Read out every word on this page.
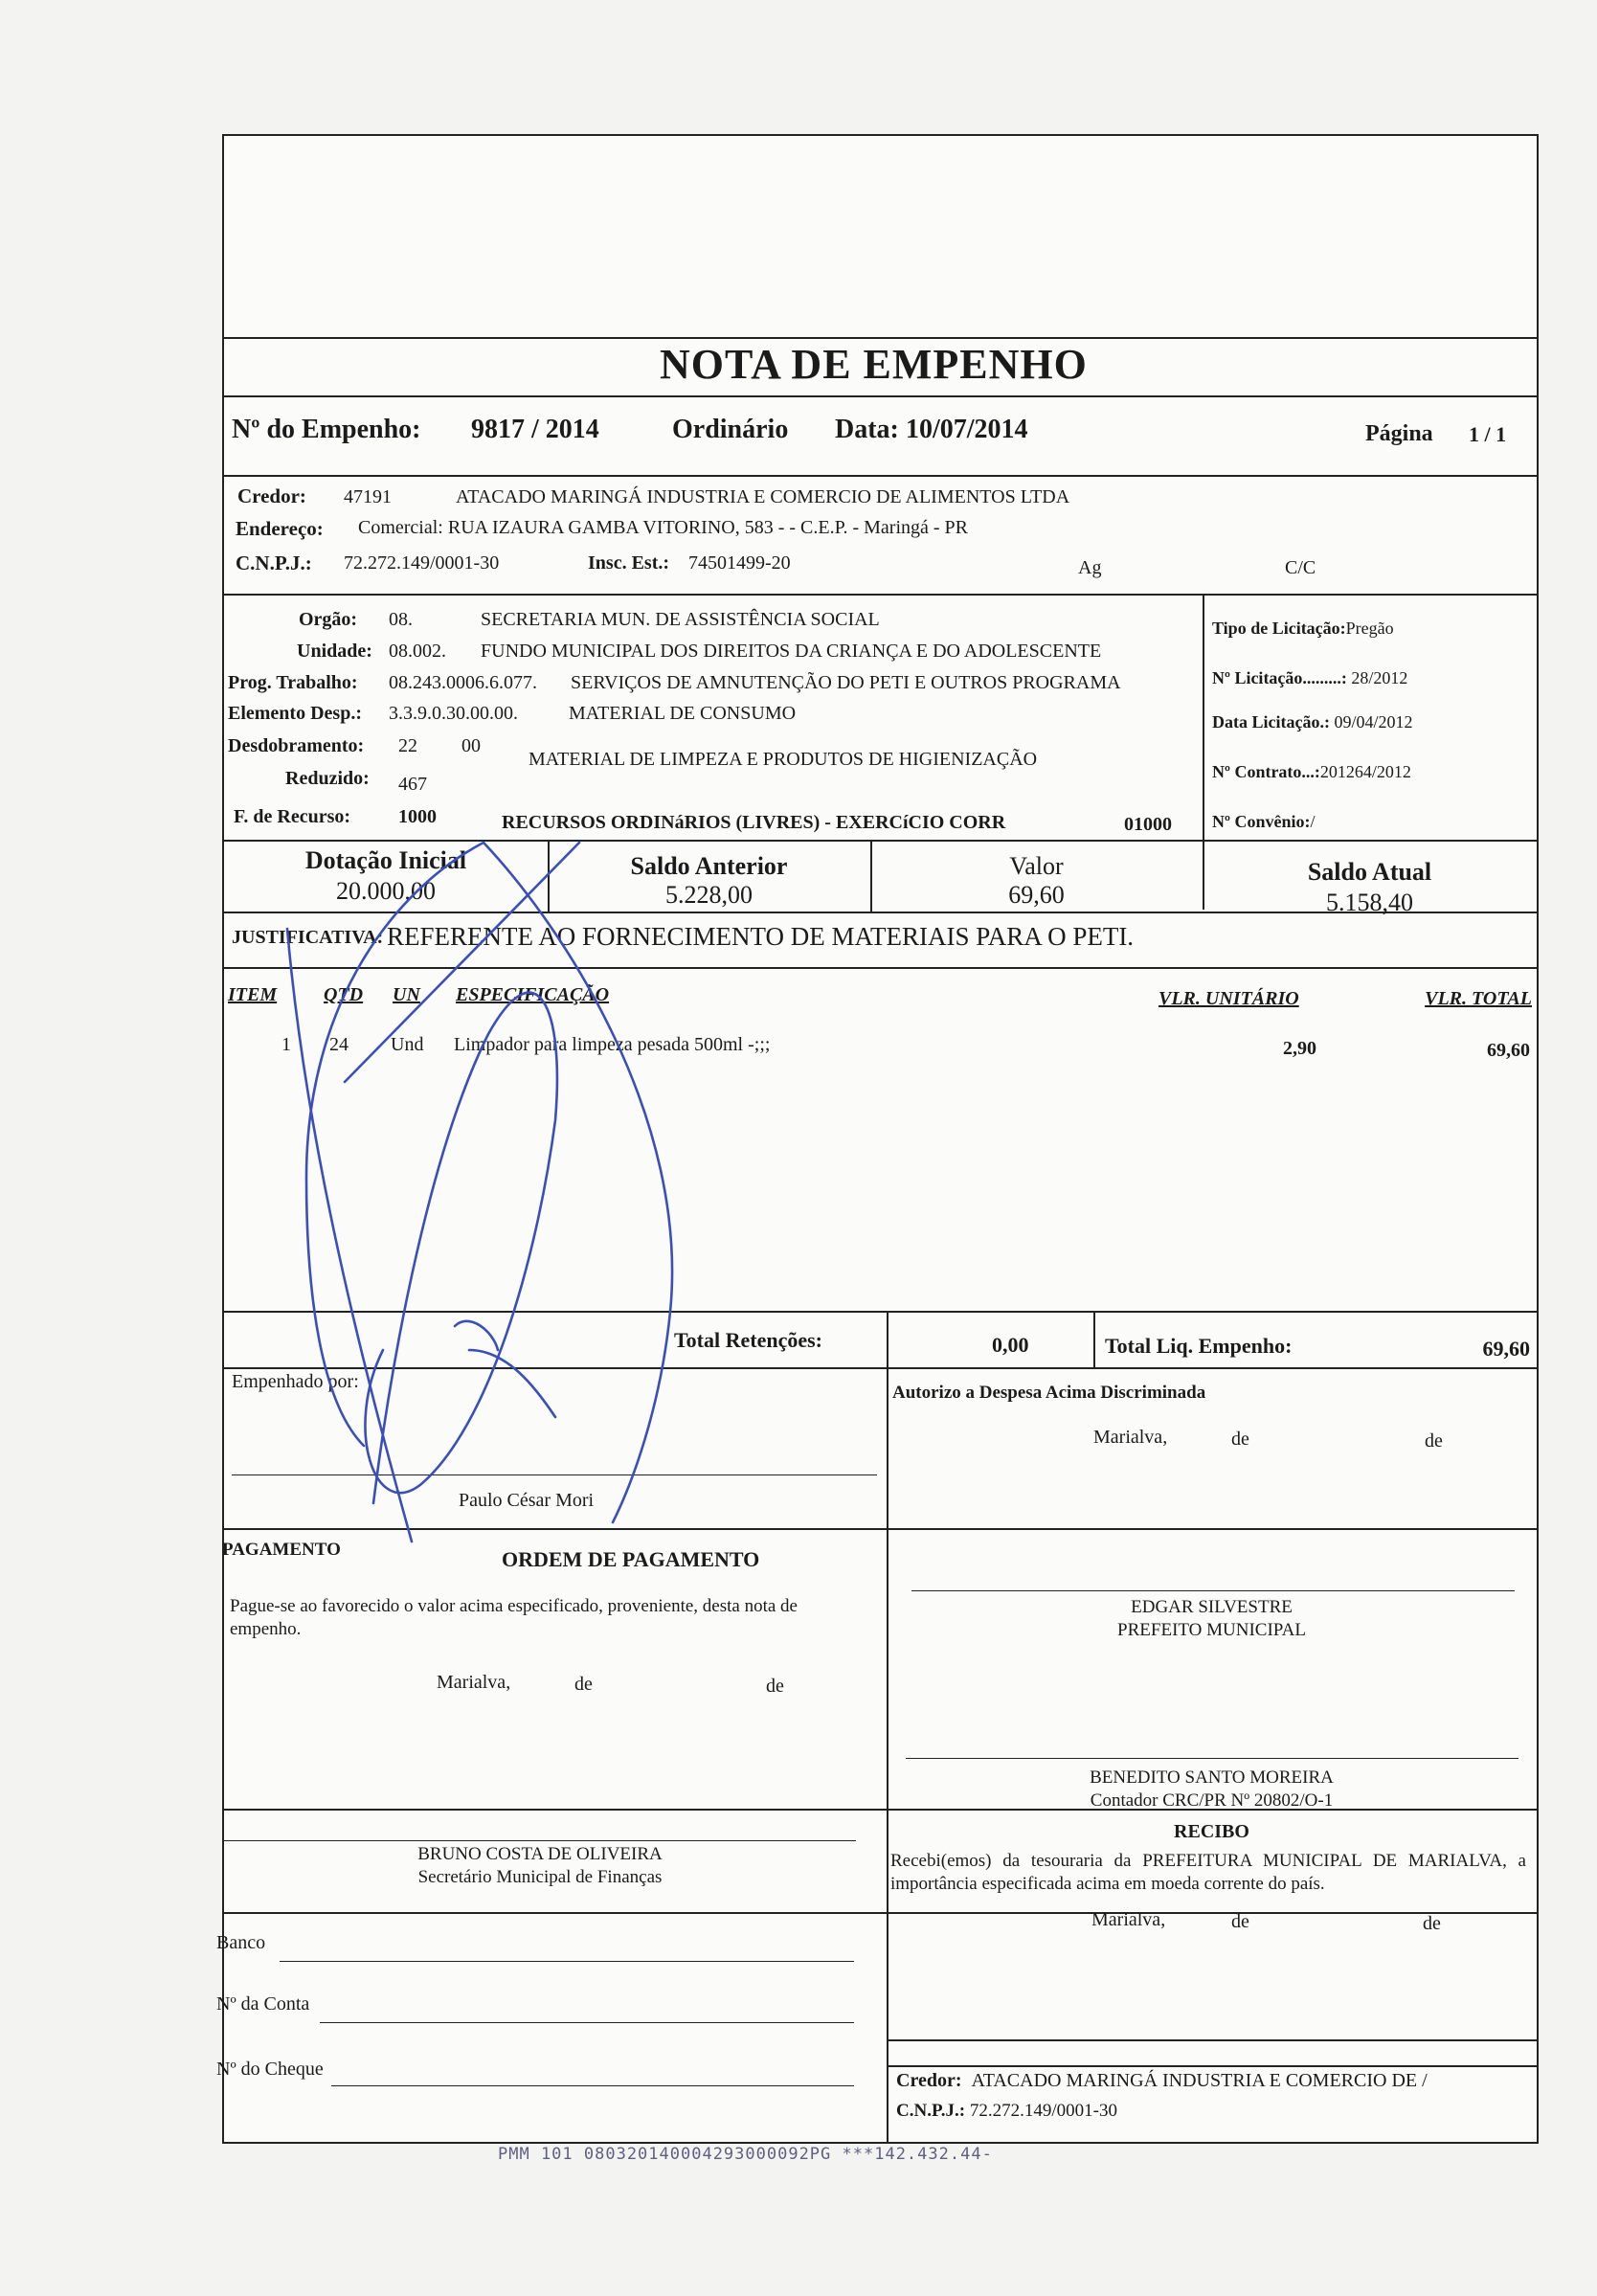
NOTA DE EMPENHO
Nº do Empenho: 9817 / 2014	Ordinário Data: 10/07/2014	Página 1 / 1
Credor: 47191	ATACADO MARINGÁ INDUSTRIA E COMERCIO DE ALIMENTOS LTDA
Endereço: Comercial: RUA IZAURA GAMBA VITORINO, 583 - - C.E.P. - Maringá - PR
C.N.P.J.: 72.272.149/0001-30	Insc. Est.: 74501499-20	Ag	C/C
Orgão: 08.	SECRETARIA MUN. DE ASSISTÊNCIA SOCIAL
Unidade: 08.002. FUNDO MUNICIPAL DOS DIREITOS DA CRIANÇA E DO ADOLESCENTE
Prog. Trabalho: 08.243.0006.6.077. SERVIÇOS DE AMNUTENÇÃO DO PETI E OUTROS PROGRAMA
Elemento Desp.: 3.3.9.0.30.00.00.	MATERIAL DE CONSUMO
Desdobramento: 22 00
MATERIAL DE LIMPEZA E PRODUTOS DE HIGIENIZAÇÃO
Reduzido: 467
F. de Recurso: 1000	RECURSOS ORDINáRIOS (LIVRES) - EXERCíCIO CORR	01000
Tipo de Licitação:Pregão
Nº Licitação.........: 28/2012
Data Licitação.: 09/04/2012
Nº Contrato...:201264/2012
Nº Convênio:/
Dotação Inicial
20.000,00
Saldo Anterior
5.228,00
Valor
69,60
Saldo Atual
5.158,40
JUSTIFICATIVA: REFERENTE AO FORNECIMENTO DE MATERIAIS PARA O PETI.
ITEM QTD UN ESPECIFICAÇÃO	VLR. UNITÁRIO	VLR. TOTAL
1 24 Und Limpador para limpeza pesada 500ml -;;;	2,90	69,60
Total Retenções:	0,00	Total Liq. Empenho:	69,60
Empenhado por:
Paulo César Mori
Autorizo a Despesa Acima Discriminada
Marialva,	de	de
EDGAR SILVESTRE
PREFEITO MUNICIPAL
PAGAMENTO	ORDEM DE PAGAMENTO
Pague-se ao favorecido o valor acima especificado, proveniente, desta nota de empenho.
Marialva,	de	de
BENEDITO SANTO MOREIRA
Contador CRC/PR Nº 20802/O-1
BRUNO COSTA DE OLIVEIRA
Secretário Municipal de Finanças
RECIBO
Recebi(emos) da tesouraria da PREFEITURA MUNICIPAL DE MARIALVA, a importância especificada acima em moeda corrente do país.
Marialva,	de	de
Credor: ATACADO MARINGÁ INDUSTRIA E COMERCIO DE /
C.N.P.J.: 72.272.149/0001-30
Banco
Nº da Conta
Nº do Cheque
PMM 101 080320140004293000092PG ***142.432.44-
